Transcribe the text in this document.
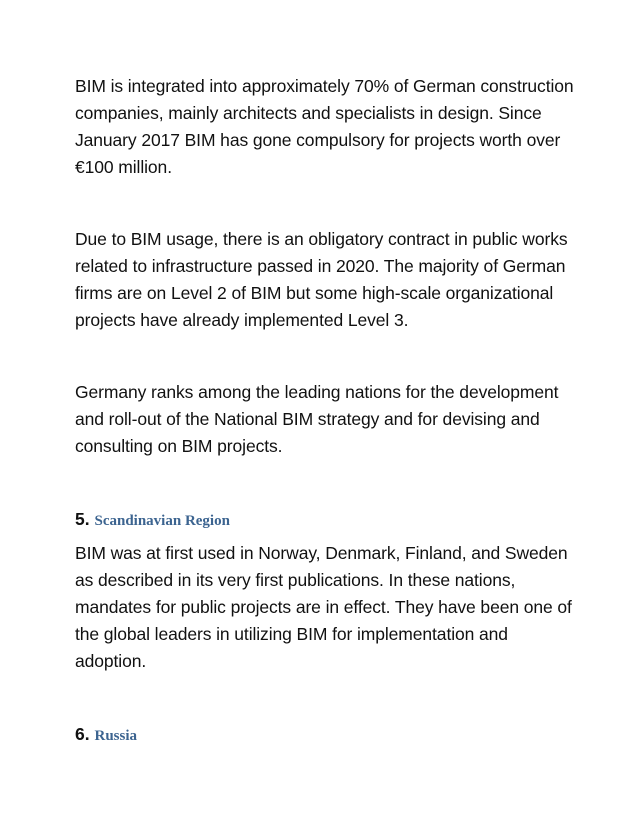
BIM is integrated into approximately 70% of German construction companies, mainly architects and specialists in design. Since January 2017 BIM has gone compulsory for projects worth over €100 million.

Due to BIM usage, there is an obligatory contract in public works related to infrastructure passed in 2020. The majority of German firms are on Level 2 of BIM but some high-scale organizational projects have already implemented Level 3.

Germany ranks among the leading nations for the development and roll-out of the National BIM strategy and for devising and consulting on BIM projects.

5. Scandinavian Region

BIM was at first used in Norway, Denmark, Finland, and Sweden as described in its very first publications. In these nations, mandates for public projects are in effect. They have been one of the global leaders in utilizing BIM for implementation and adoption.

6. Russia
